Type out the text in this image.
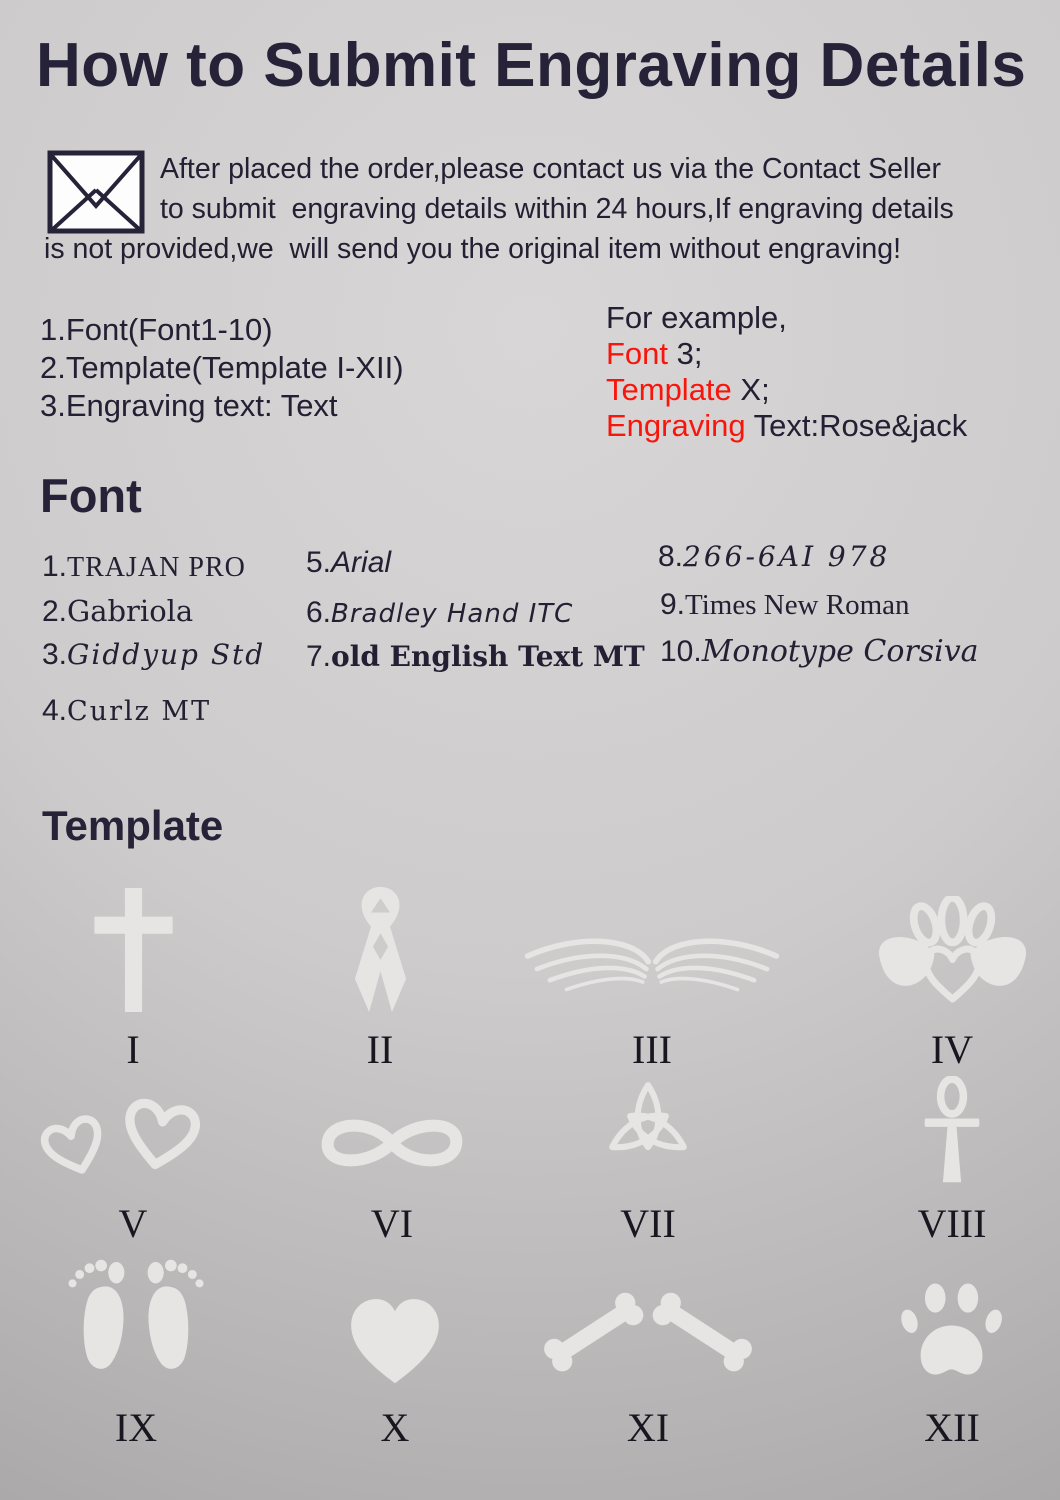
How to Submit Engraving Details
After placed the order,please contact us via the Contact Seller
to submit  engraving details within 24 hours,If engraving details
is not provided,we  will send you the original item without engraving!
1.Font(Font1-10)
2.Template(Template I-XII)
3.Engraving text: Text
For example,
Font 3;
Template X;
Engraving Text:Rose&jack
Font
1.TRAJAN PRO
2.Gabriola
3.Giddyup Std
4.Curlz MT
5.Arial
6.Bradley Hand ITC
7.old English Text MT
8.266-6AI 978
9.Times New Roman
10.Monotype Corsiva
Template
I	II	III	IV
V	VI	VII	VIII
IX	X	XI	XII
